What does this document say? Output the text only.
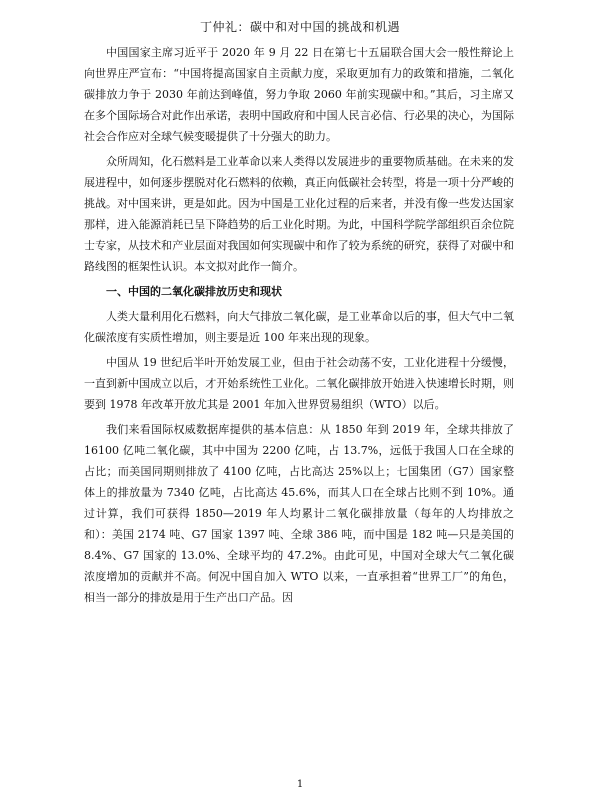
丁仲礼：碳中和对中国的挑战和机遇

中国国家主席习近平于 2020 年 9 月 22 日在第七十五届联合国大会一般性辩论上向世界庄严宣布：“中国将提高国家自主贡献力度，采取更加有力的政策和措施，二氧化碳排放力争于 2030 年前达到峰值，努力争取 2060 年前实现碳中和。”其后，习主席又在多个国际场合对此作出承诺，表明中国政府和中国人民言必信、行必果的决心，为国际社会合作应对全球气候变暖提供了十分强大的助力。

众所周知，化石燃料是工业革命以来人类得以发展进步的重要物质基础。在未来的发展进程中，如何逐步摆脱对化石燃料的依赖，真正向低碳社会转型，将是一项十分严峻的挑战。对中国来讲，更是如此。因为中国是工业化过程的后来者，并没有像一些发达国家那样，进入能源消耗已呈下降趋势的后工业化时期。为此，中国科学院学部组织百余位院士专家，从技术和产业层面对我国如何实现碳中和作了较为系统的研究，获得了对碳中和路线图的框架性认识。本文拟对此作一简介。

一、中国的二氧化碳排放历史和现状

人类大量利用化石燃料，向大气排放二氧化碳，是工业革命以后的事，但大气中二氧化碳浓度有实质性增加，则主要是近 100 年来出现的现象。

中国从 19 世纪后半叶开始发展工业，但由于社会动荡不安，工业化进程十分缓慢，一直到新中国成立以后，才开始系统性工业化。二氧化碳排放开始进入快速增长时期，则要到 1978 年改革开放尤其是 2001 年加入世界贸易组织（WTO）以后。

我们来看国际权威数据库提供的基本信息：从 1850 年到 2019 年，全球共排放了 16100 亿吨二氧化碳，其中中国为 2200 亿吨，占 13.7%，远低于我国人口在全球的占比；而美国同期则排放了 4100 亿吨，占比高达 25%以上；七国集团（G7）国家整体上的排放量为 7340 亿吨，占比高达 45.6%，而其人口在全球占比则不到 10%。通过计算，我们可获得 1850—2019 年人均累计二氧化碳排放量（每年的人均排放之和）：美国 2174 吨、G7 国家 1397 吨、全球 386 吨，而中国是 182 吨—只是美国的 8.4%、G7 国家的 13.0%、全球平均的 47.2%。由此可见，中国对全球大气二氧化碳浓度增加的贡献并不高。何况中国自加入 WTO 以来，一直承担着“世界工厂”的角色，相当一部分的排放是用于生产出口产品。因

1
